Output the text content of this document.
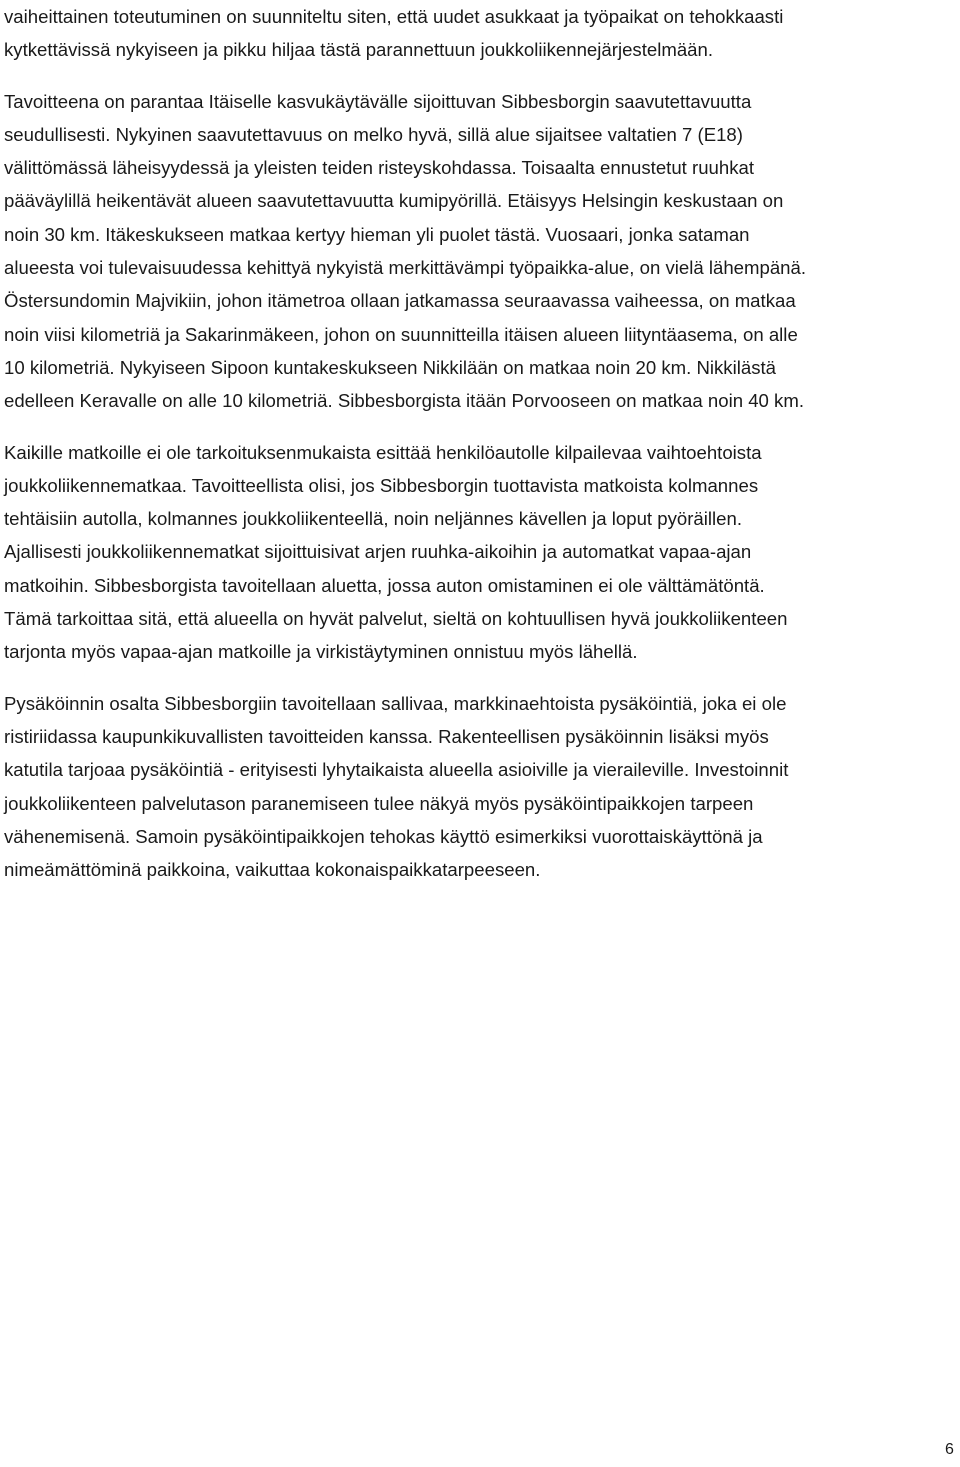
vaiheittainen toteutuminen on suunniteltu siten, että uudet asukkaat ja työpaikat on tehokkaasti
kytkettävissä nykyiseen ja pikku hiljaa tästä parannettuun joukkoliikennejärjestelmään.
Tavoitteena on parantaa Itäiselle kasvukäytävälle sijoittuvan Sibbesborgin saavutettavuutta
seudullisesti. Nykyinen saavutettavuus on melko hyvä, sillä alue sijaitsee valtatien 7 (E18)
välittömässä läheisyydessä ja yleisten teiden risteyskohdassa. Toisaalta ennustetut ruuhkat
pääväylillä heikentävät alueen saavutettavuutta kumipyörillä. Etäisyys Helsingin keskustaan on
noin 30 km. Itäkeskukseen matkaa kertyy hieman yli puolet tästä. Vuosaari, jonka sataman
alueesta voi tulevaisuudessa kehittyä nykyistä merkittävämpi työpaikka-alue, on vielä lähempänä.
Östersundomin Majvikiin, johon itämetroa ollaan jatkamassa seuraavassa vaiheessa, on matkaa
noin viisi kilometriä ja Sakarinmäkeen, johon on suunnitteilla itäisen alueen liityntäasema, on alle
10 kilometriä. Nykyiseen Sipoon kuntakeskukseen Nikkilään on matkaa noin 20 km. Nikkilästä
edelleen Keravalle on alle 10 kilometriä. Sibbesborgista itään Porvooseen on matkaa noin 40 km.
Kaikille matkoille ei ole tarkoituksenmukaista esittää henkilöautolle kilpailevaa vaihtoehtoista
joukkoliikennematkaa. Tavoitteellista olisi, jos Sibbesborgin tuottavista matkoista kolmannes
tehtäisiin autolla, kolmannes joukkoliikenteellä, noin neljännes kävellen ja loput pyöräillen.
Ajallisesti joukkoliikennematkat sijoittuisivat arjen ruuhka-aikoihin ja automatkat vapaa-ajan
matkoihin. Sibbesborgista tavoitellaan aluetta, jossa auton omistaminen ei ole välttämätöntä.
Tämä tarkoittaa sitä, että alueella on hyvät palvelut, sieltä on kohtuullisen hyvä joukkoliikenteen
tarjonta myös vapaa-ajan matkoille ja virkistäytyminen onnistuu myös lähellä.
Pysäköinnin osalta Sibbesborgiin tavoitellaan sallivaa, markkinaehtoista pysäköintiä, joka ei ole
ristiriidassa kaupunkikuvallisten tavoitteiden kanssa. Rakenteellisen pysäköinnin lisäksi myös
katutila tarjoaa pysäköintiä - erityisesti lyhytaikaista alueella asioiville ja vieraileville. Investoinnit
joukkoliikenteen palvelutason paranemiseen tulee näkyä myös pysäköintipaikkojen tarpeen
vähenemisenä. Samoin pysäköintipaikkojen tehokas käyttö esimerkiksi vuorottaiskäyttönä ja
nimeämättöminä paikkoina, vaikuttaa kokonaispaikkatarpeeseen.
6
